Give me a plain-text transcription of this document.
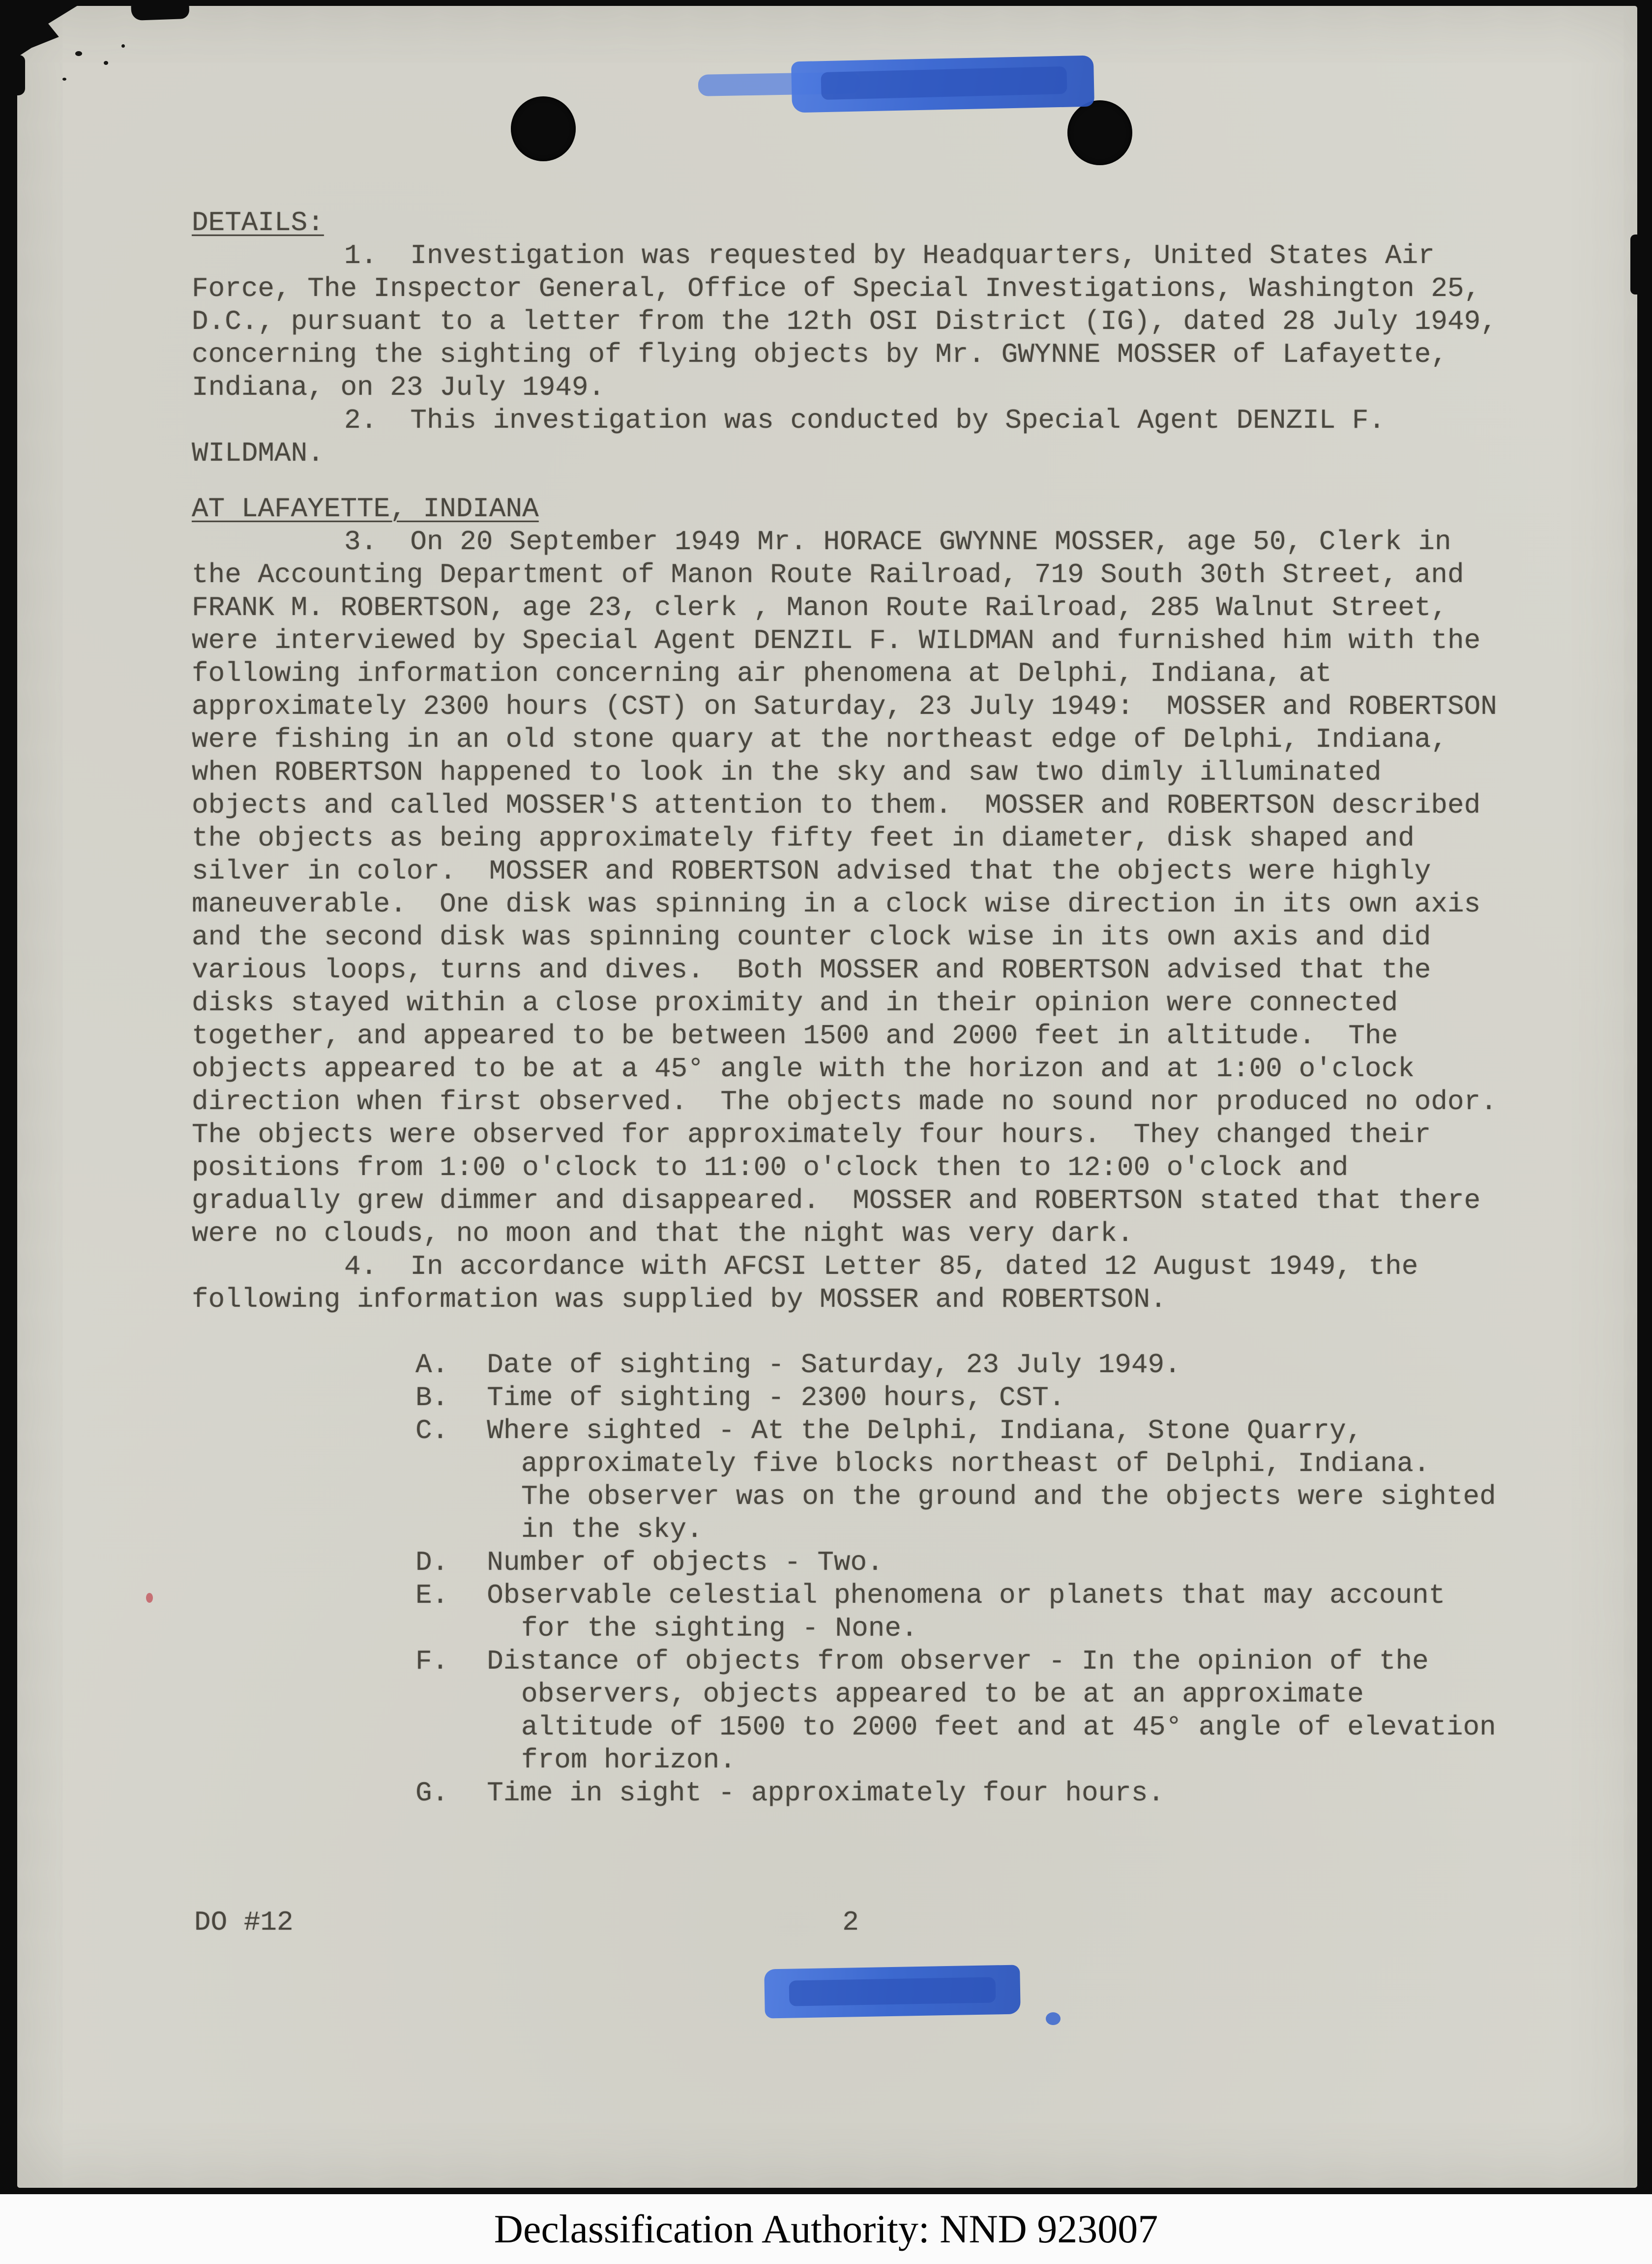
DETAILS:

1.  Investigation was requested by Headquarters, United States Air Force, The Inspector General, Office of Special Investigations, Washington 25, D.C., pursuant to a letter from the 12th OSI District (IG), dated 28 July 1949, concerning the sighting of flying objects by Mr. GWYNNE MOSSER of Lafayette, Indiana, on 23 July 1949.

2.  This investigation was conducted by Special Agent DENZIL F. WILDMAN.

AT LAFAYETTE, INDIANA

3.  On 20 September 1949 Mr. HORACE GWYNNE MOSSER, age 50, Clerk in the Accounting Department of Manon Route Railroad, 719 South 30th Street, and FRANK M. ROBERTSON, age 23, clerk , Manon Route Railroad, 285 Walnut Street, were interviewed by Special Agent DENZIL F. WILDMAN and furnished him with the following information concerning air phenomena at Delphi, Indiana, at approximately 2300 hours (CST) on Saturday, 23 July 1949:  MOSSER and ROBERTSON were fishing in an old stone quary at the northeast edge of Delphi, Indiana, when ROBERTSON happened to look in the sky and saw two dimly illuminated objects and called MOSSER'S attention to them.  MOSSER and ROBERTSON described the objects as being approximately fifty feet in diameter, disk shaped and silver in color.  MOSSER and ROBERTSON advised that the objects were highly maneuverable.  One disk was spinning in a clock wise direction in its own axis and the second disk was spinning counter clock wise in its own axis and did various loops, turns and dives.  Both MOSSER and ROBERTSON advised that the disks stayed within a close proximity and in their opinion were connected together, and appeared to be between 1500 and 2000 feet in altitude.  The objects appeared to be at a 45° angle with the horizon and at 1:00 o'clock direction when first observed.  The objects made no sound nor produced no odor.  The objects were observed for approximately four hours.  They changed their positions from 1:00 o'clock to 11:00 o'clock then to 12:00 o'clock and gradually grew dimmer and disappeared.  MOSSER and ROBERTSON stated that there were no clouds, no moon and that the night was very dark.

4.  In accordance with AFCSI Letter 85, dated 12 August 1949, the following information was supplied by MOSSER and ROBERTSON.

A. Date of sighting - Saturday, 23 July 1949.
B. Time of sighting - 2300 hours, CST.
C. Where sighted - At the Delphi, Indiana, Stone Quarry, approximately five blocks northeast of Delphi, Indiana.  The observer was on the ground and the objects were sighted in the sky.
D. Number of objects - Two.
E. Observable celestial phenomena or planets that may account for the sighting - None.
F. Distance of objects from observer - In the opinion of the observers, objects appeared to be at an approximate altitude of 1500 to 2000 feet and at 45° angle of elevation from horizon.
G. Time in sight - approximately four hours.
DO #12	2
Declassification Authority: NND 923007
